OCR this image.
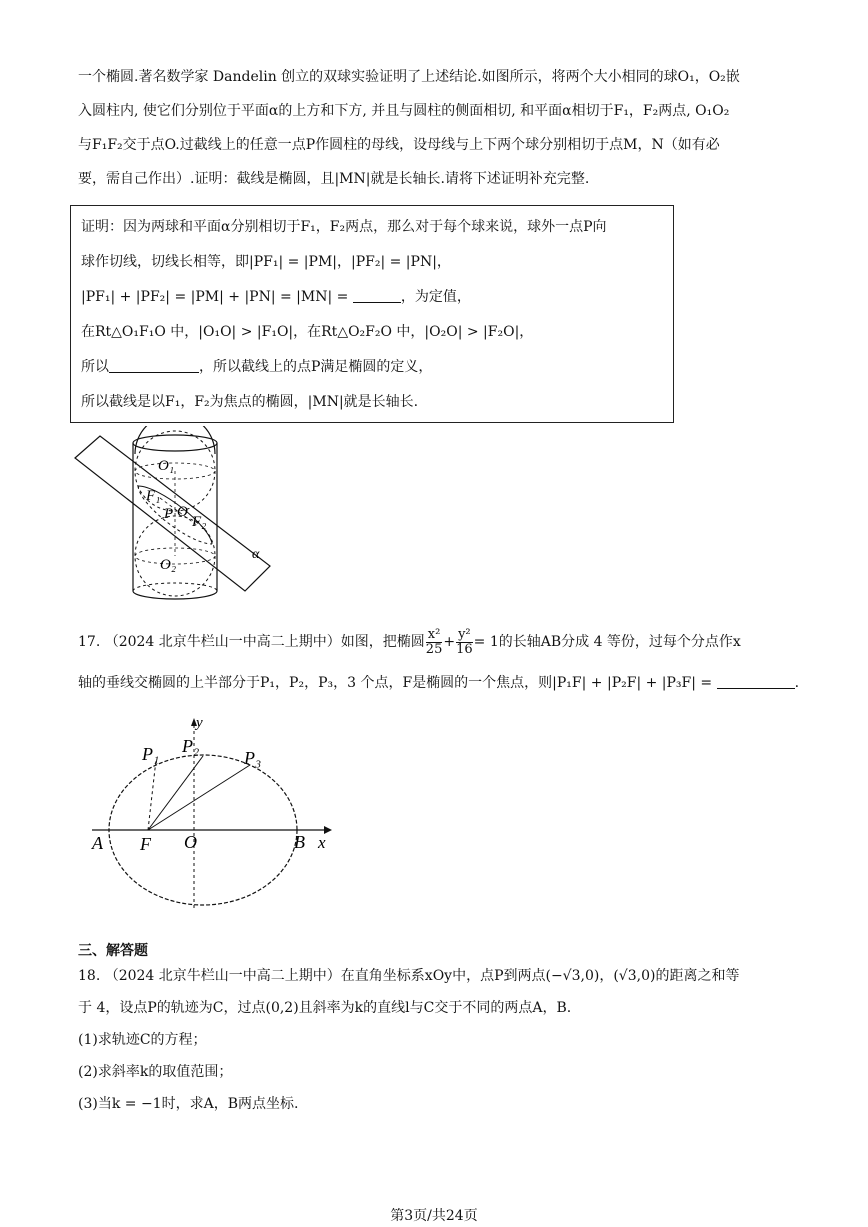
一个椭圆.著名数学家 Dandelin 创立的双球实验证明了上述结论.如图所示，将两个大小相同的球O₁，O₂嵌
入圆柱内, 使它们分别位于平面α的上方和下方, 并且与圆柱的侧面相切, 和平面α相切于F₁，F₂两点, O₁O₂
与F₁F₂交于点O.过截线上的任意一点P作圆柱的母线，设母线与上下两个球分别相切于点M，N（如有必
要，需自己作出）.证明：截线是椭圆，且|MN|就是长轴长.请将下述证明补充完整.
证明：因为两球和平面α分别相切于F₁，F₂两点，那么对于每个球来说，球外一点P向
球作切线，切线长相等，即|PF₁| = |PM|，|PF₂| = |PN|，
|PF₁| + |PF₂| = |PM| + |PN| = |MN| =	，为定值，
在Rt△O₁F₁O 中，|O₁O| > |F₁O|，在Rt△O₂F₂O 中，|O₂O| > |F₂O|，
所以	，所以截线上的点P满足椭圆的定义，
所以截线是以F₁，F₂为焦点的椭圆，|MN|就是长轴长.
O₁
F₁
P O
F₂
O₂
α
17. （2024 北京牛栏山一中高二上期中）如图，把椭圆 $\frac{\text{x²}}{25} + \frac{\text{y²}}{16} = 1$的长轴AB分成 4 等份，过每个分点作x
轴的垂线交椭圆的上半部分于P₁，P₂，P₃，3 个点，F是椭圆的一个焦点，则|P₁F| + |P₂F| + |P₃F| =	.
y
x
P₁ P₂
P₃
A F O	B
三、解答题
18. （2024 北京牛栏山一中高二上期中）在直角坐标系xOy中，点P到两点(−√3,0)，(√3,0)的距离之和等
于 4，设点P的轨迹为C，过点(0,2)且斜率为k的直线l与C交于不同的两点A，B.
(1)求轨迹C的方程；
(2)求斜率k的取值范围；
(3)当k = −1时，求A，B两点坐标.
第3页/共24页
